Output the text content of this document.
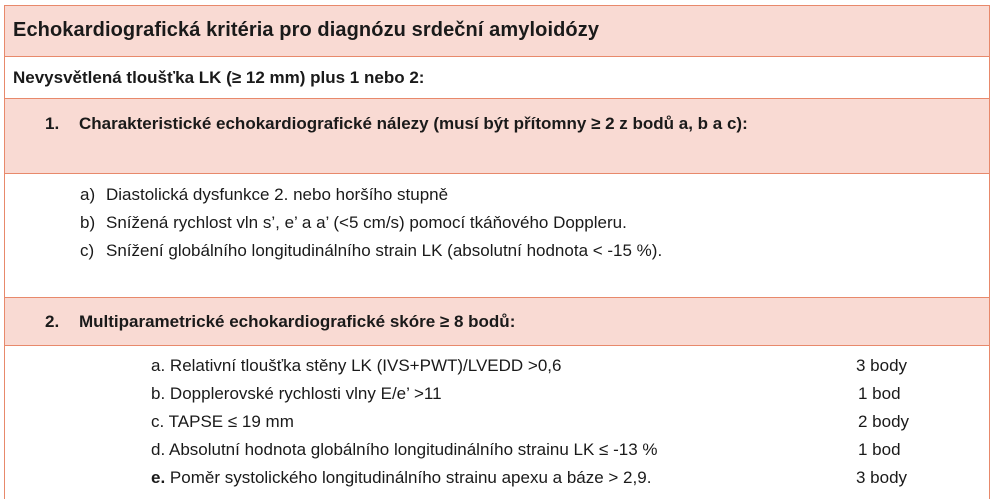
Echokardiografická kritéria pro diagnózu srdeční amyloidózy
Nevysvětlená tloušťka LK (≥ 12 mm) plus 1 nebo 2:
1. Charakteristické echokardiografické nálezy (musí být přítomny ≥ 2 z bodů a, b a c):
a) Diastolická dysfunkce 2. nebo horšího stupně
b) Snížená rychlost vln s’, e’ a a’ (<5 cm/s) pomocí tkáňového Doppleru.
c) Snížení globálního longitudinálního strain LK (absolutní hodnota < -15 %).
2. Multiparametrické echokardiografické skóre ≥ 8 bodů:
a. Relativní tloušťka stěny LK (IVS+PWT)/LVEDD >0,6	3 body
b. Dopplerovské rychlosti vlny E/e’ >11	1 bod
c. TAPSE ≤ 19 mm	2 body
d. Absolutní hodnota globálního longitudinálního strainu LK ≤ -13 %	1 bod
e. Poměr systolického longitudinálního strainu apexu a báze > 2,9.	3 body
